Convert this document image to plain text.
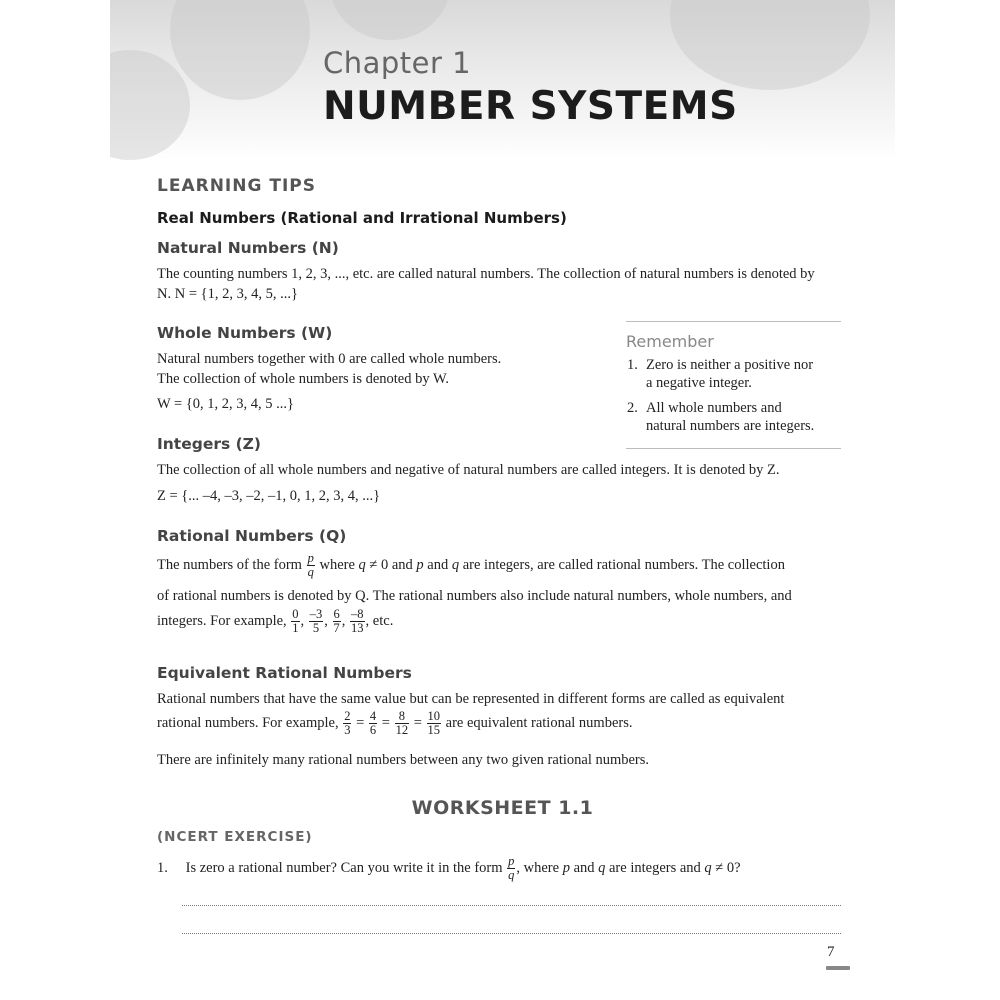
Chapter 1
NUMBER SYSTEMS
LEARNING TIPS
Real Numbers (Rational and Irrational Numbers)
Natural Numbers (N)
The counting numbers 1, 2, 3, ..., etc. are called natural numbers. The collection of natural numbers is denoted by
N. N = {1, 2, 3, 4, 5, ...}
Whole Numbers (W)
Natural numbers together with 0 are called whole numbers.
The collection of whole numbers is denoted by W.
W = {0, 1, 2, 3, 4, 5 ...}
Remember
1. Zero is neither a positive nor
a negative integer.
2. All whole numbers and
natural numbers are integers.
Integers (Z)
The collection of all whole numbers and negative of natural numbers are called integers. It is denoted by Z.
Z = {... –4, –3, –2, –1, 0, 1, 2, 3, 4, ...}
Rational Numbers (Q)
The numbers of the form $\frac{p}{q}$ where q ≠ 0 and p and q are integers, are called rational numbers. The collection
of rational numbers is denoted by Q. The rational numbers also include natural numbers, whole numbers, and
integers. For example, $\frac{0}{1}$ , $\frac{-3}{5}$ , $\frac{6}{7}$ , $\frac{-8}{13}$ , etc.
Equivalent Rational Numbers
Rational numbers that have the same value but can be represented in different forms are called as equivalent
rational numbers. For example, $\frac{2}{3} = \frac{4}{6} = \frac{8}{12} = \frac{10}{15}$ are equivalent rational numbers.
There are infinitely many rational numbers between any two given rational numbers.
WORKSHEET 1.1
(NCERT EXERCISE)
1. Is zero a rational number? Can you write it in the form $\frac{p}{q}$ , where p and q are integers and q ≠ 0?
7
